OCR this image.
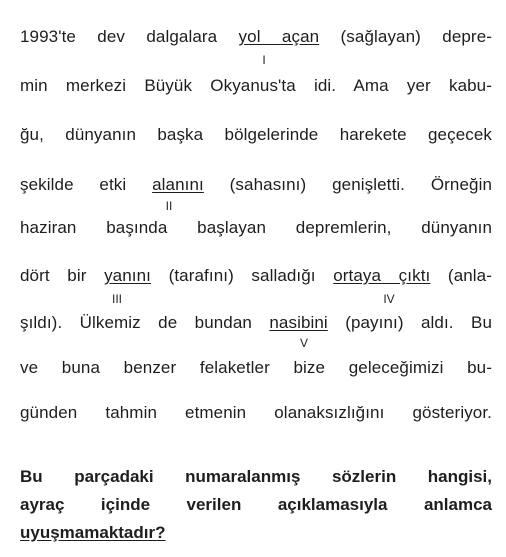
1993'te dev dalgalara yol açan (sağlayan) depre-
I
min merkezi Büyük Okyanus'ta idi. Ama yer kabu-
ğu, dünyanın başka bölgelerinde harekete geçecek
şekilde etki alanını (sahasını) genişletti. Örneğin
II
haziran başında başlayan depremlerin, dünyanın
dört bir yanını (tarafını) salladığı ortaya çıktı (anla-
III	IV
şıldı). Ülkemiz de bundan nasibini (payını) aldı. Bu
V
ve buna benzer felaketler bize geleceğimizi bu-
günden tahmin etmenin olanaksızlığını gösteriyor.
Bu parçadaki numaralanmış sözlerin hangisi,
ayraç içinde verilen açıklamasıyla anlamca
uyuşmamaktadır?
